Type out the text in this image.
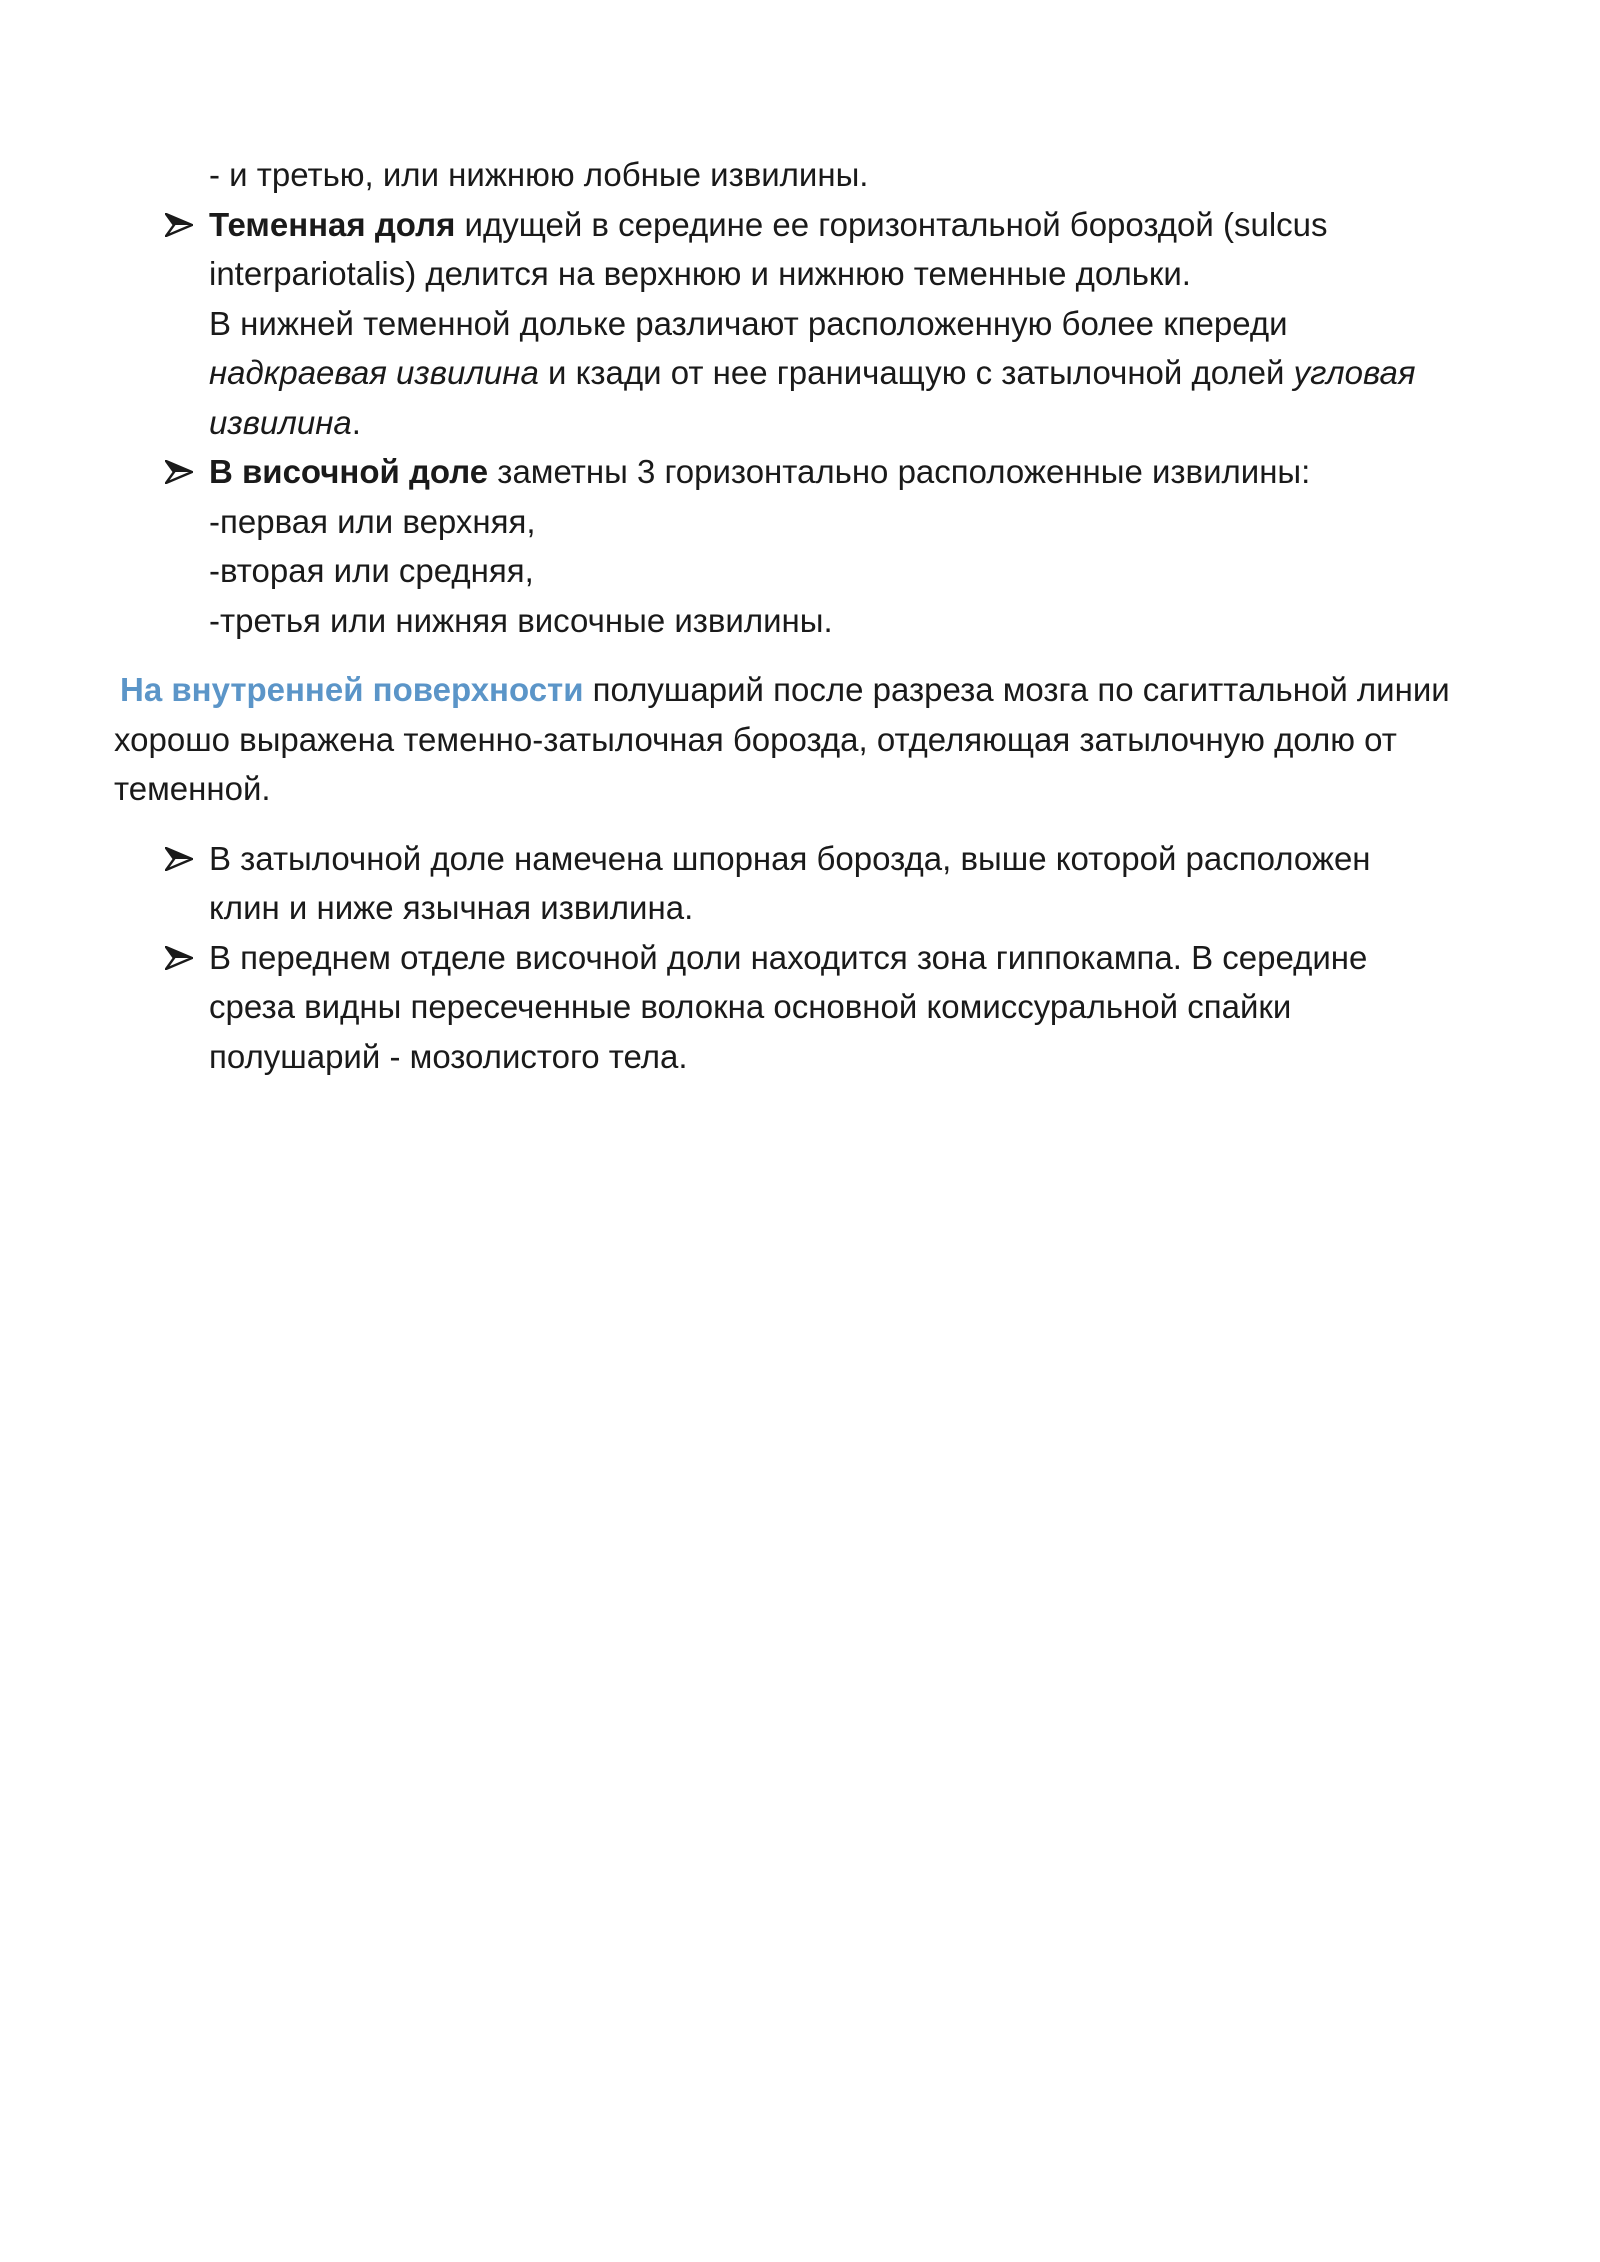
- и третью, или нижнюю лобные извилины.
Теменная доля идущей в середине ее горизонтальной бороздой (sulcus
interpariotalis) делится на верхнюю и нижнюю теменные дольки.
В нижней теменной дольке различают расположенную более кпереди
надкраевая извилина и кзади от нее граничащую с затылочной долей угловая
извилина.
В височной доле заметны 3 горизонтально расположенные извилины:
-первая или верхняя,
-вторая или средняя,
-третья или нижняя височные извилины.
На внутренней поверхности полушарий после разреза мозга по сагиттальной линии
хорошо выражена теменно-затылочная борозда, отделяющая затылочную долю от
теменной.
В затылочной доле намечена шпорная борозда, выше которой расположен
клин и ниже язычная извилина.
В переднем отделе височной доли находится зона гиппокампа. В середине
среза видны пересеченные волокна основной комиссуральной спайки
полушарий - мозолистого тела.
